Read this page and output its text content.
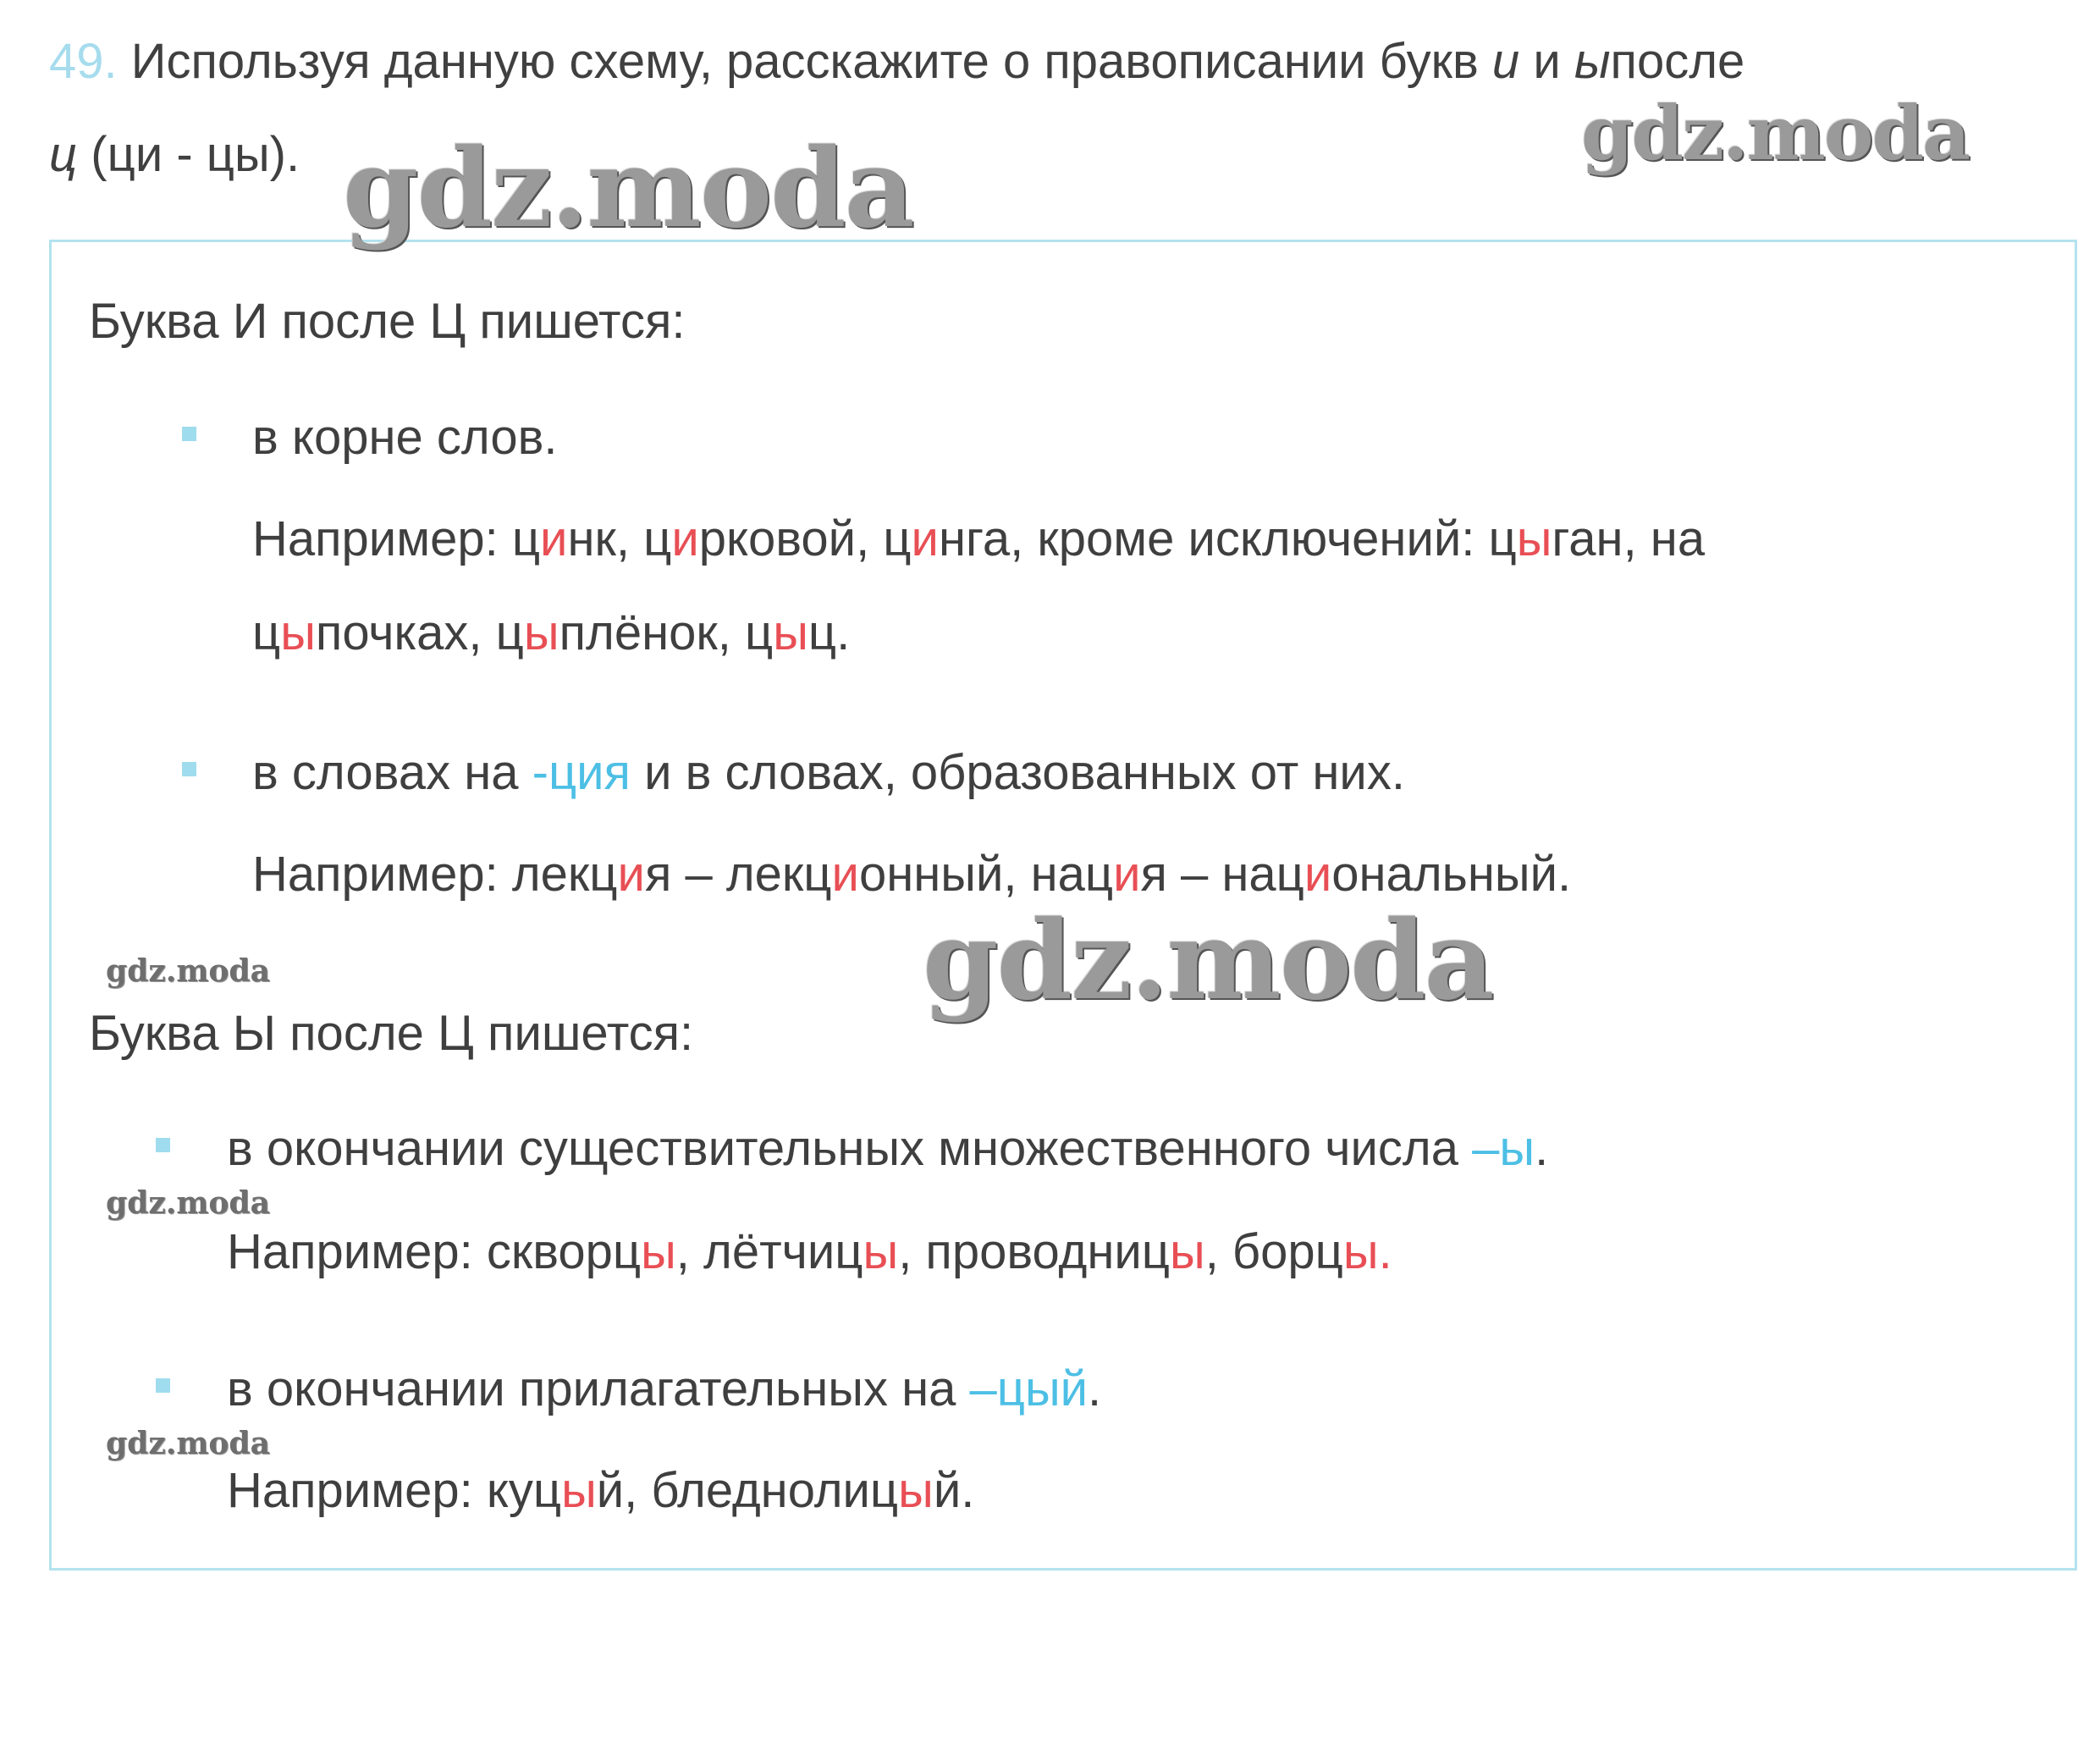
49. Используя данную схему, расскажите о правописании букв и и ыпосле
ц (ци - цы).
Буква И после Ц пишется:
в корне слов.
Например: цинк, цирковой, цинга, кроме исключений: цыган, на
цыпочках, цыплёнок, цыц.
в словах на -ция и в словах, образованных от них.
Например: лекция – лекционный, нация – национальный.
Буква Ы после Ц пишется:
в окончании существительных множественного числа –ы.
Например: скворцы, лётчицы, проводницы, борцы.
в окончании прилагательных на –цый.
Например: куцый, бледнолицый.
gdz.moda	gdz.moda
gdz.moda
gdz.moda
gdz.moda
gdz.moda
